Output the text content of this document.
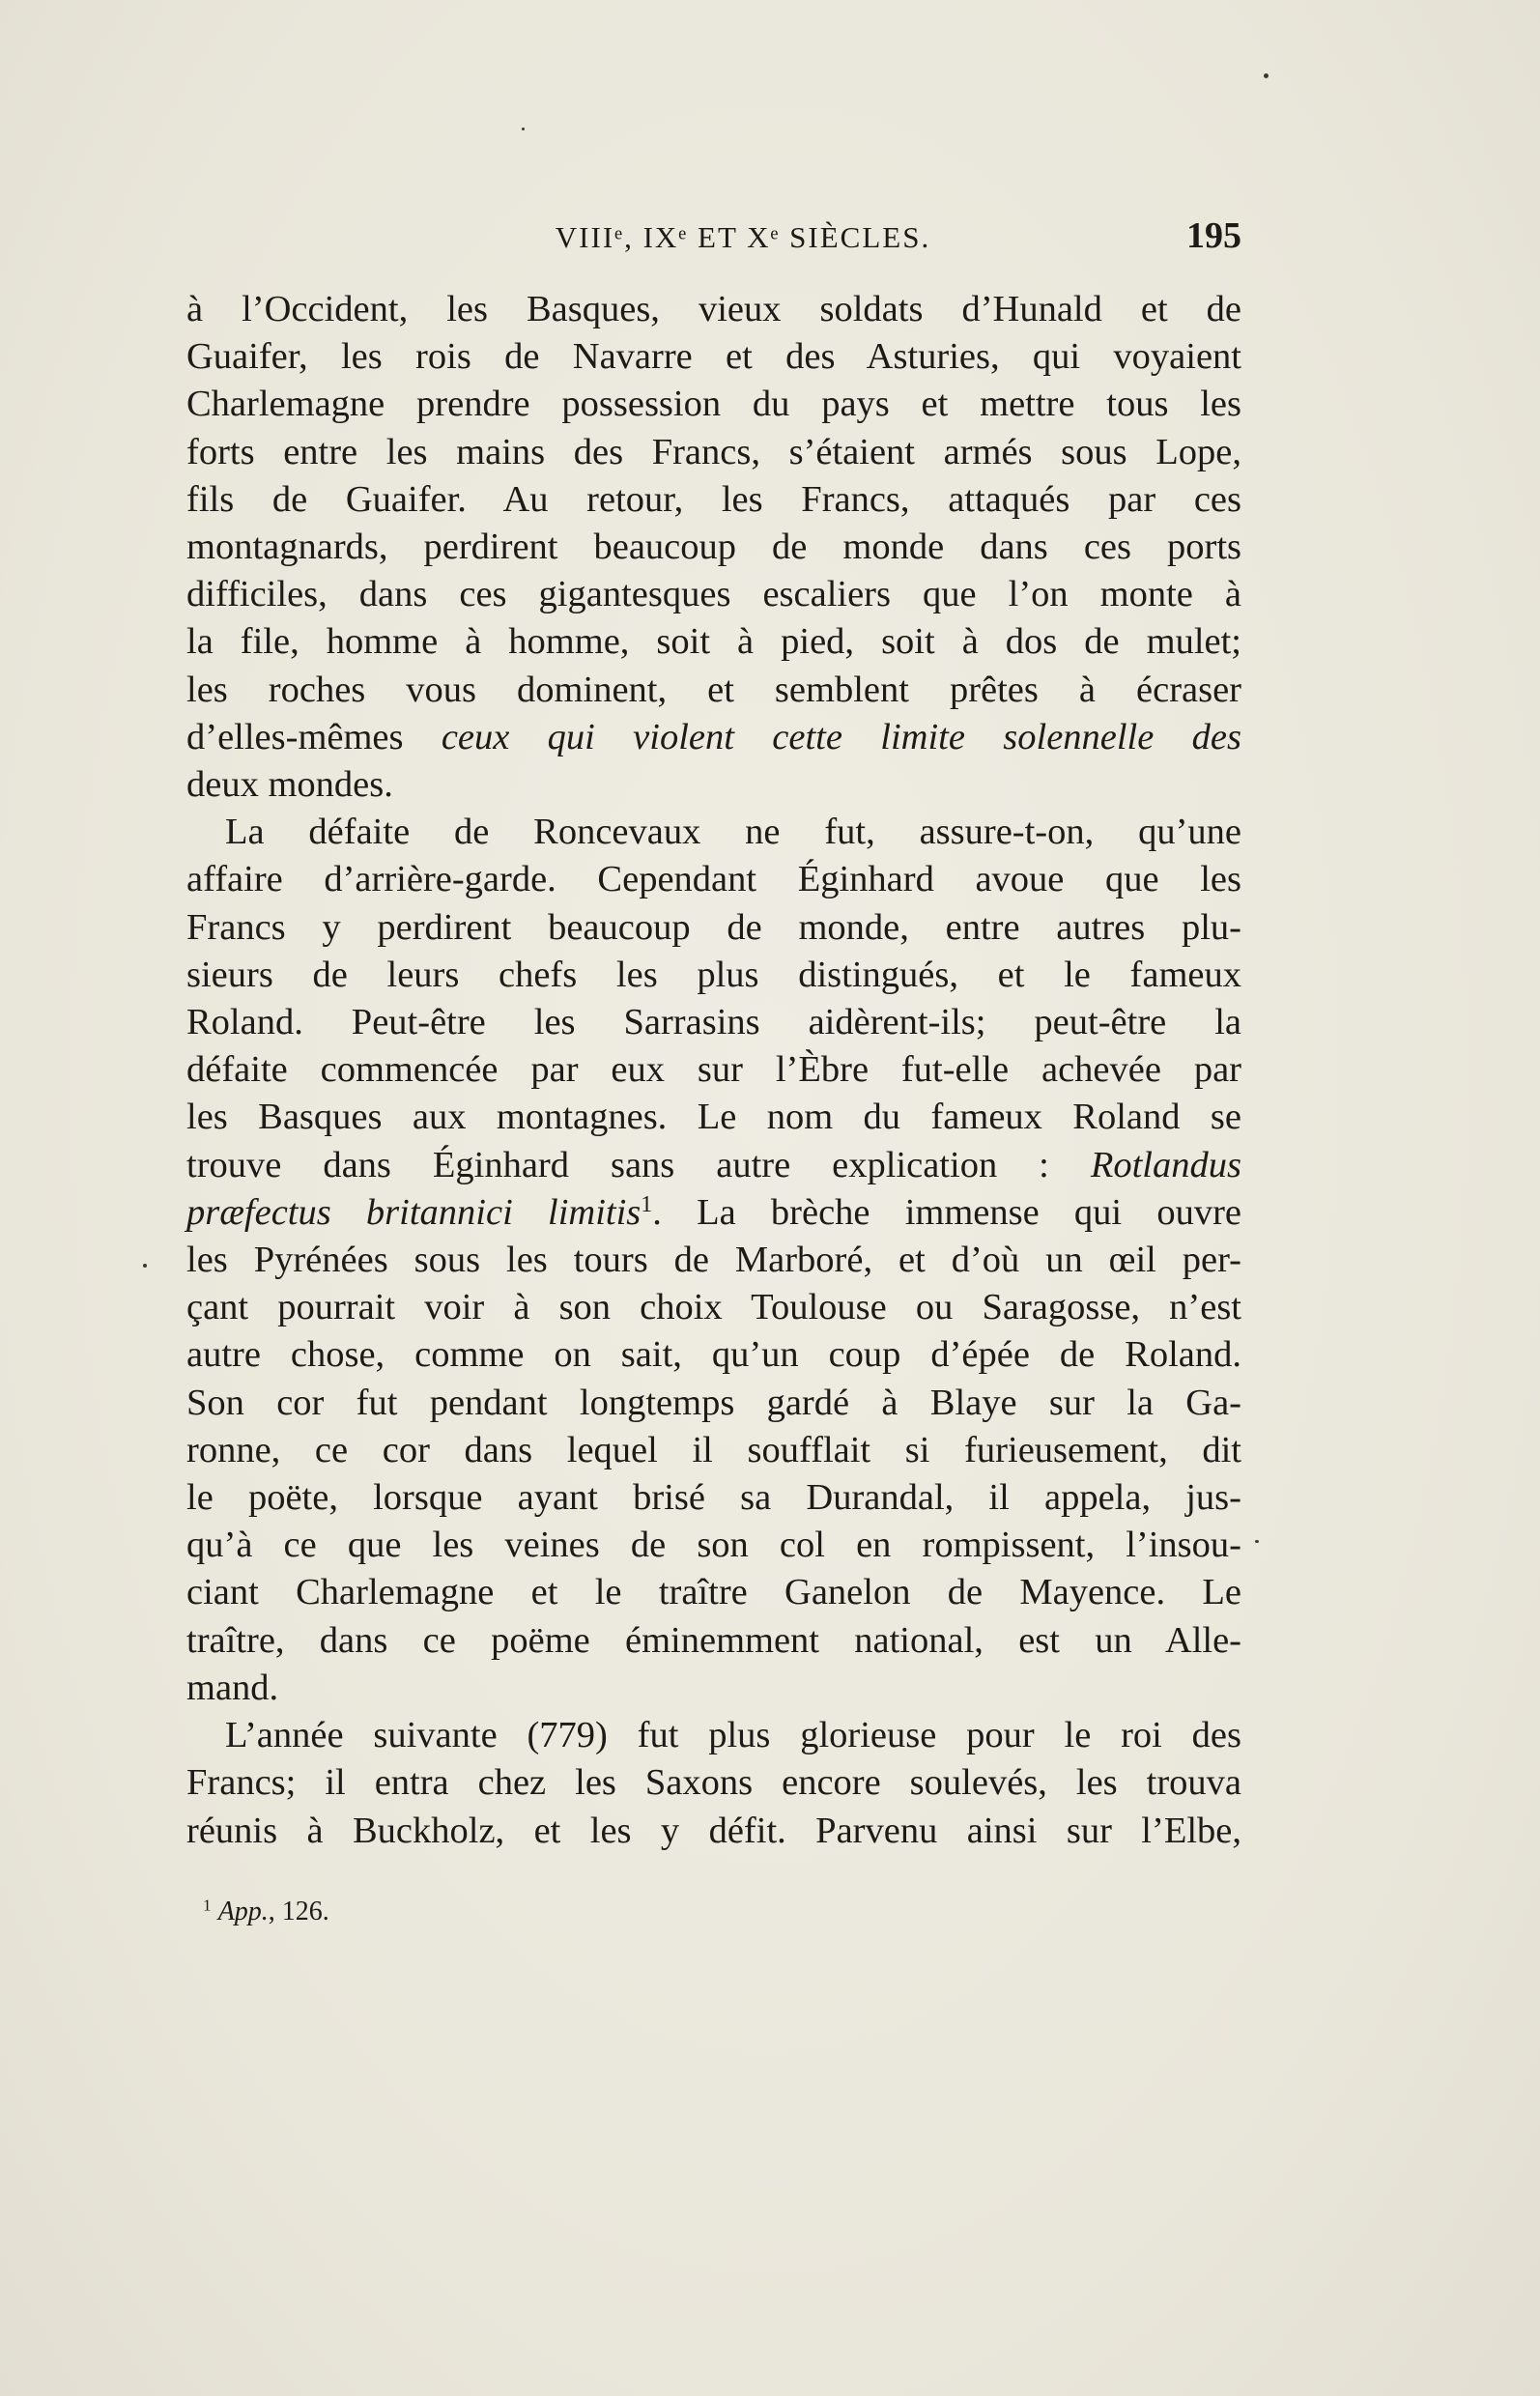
VIIIᵉ, IXᵉ ET Xᵉ SIÈCLES.	195
à l’Occident, les Basques, vieux soldats d’Hunald et de
Guaifer, les rois de Navarre et des Asturies, qui voyaient
Charlemagne prendre possession du pays et mettre tous les
forts entre les mains des Francs, s’étaient armés sous Lope,
fils de Guaifer. Au retour, les Francs, attaqués par ces
montagnards, perdirent beaucoup de monde dans ces ports
difficiles, dans ces gigantesques escaliers que l’on monte à
la file, homme à homme, soit à pied, soit à dos de mulet;
les roches vous dominent, et semblent prêtes à écraser
d’elles-mêmes ceux qui violent cette limite solennelle des
deux mondes.
La défaite de Roncevaux ne fut, assure-t-on, qu’une
affaire d’arrière-garde. Cependant Éginhard avoue que les
Francs y perdirent beaucoup de monde, entre autres plu-
sieurs de leurs chefs les plus distingués, et le fameux
Roland. Peut-être les Sarrasins aidèrent-ils; peut-être la
défaite commencée par eux sur l’Èbre fut-elle achevée par
les Basques aux montagnes. Le nom du fameux Roland se
trouve dans Éginhard sans autre explication : Rotlandus
præfectus britannici limitis$^1$. La brèche immense qui ouvre
les Pyrénées sous les tours de Marboré, et d’où un œil per-
çant pourrait voir à son choix Toulouse ou Saragosse, n’est
autre chose, comme on sait, qu’un coup d’épée de Roland.
Son cor fut pendant longtemps gardé à Blaye sur la Ga-
ronne, ce cor dans lequel il soufflait si furieusement, dit
le poëte, lorsque ayant brisé sa Durandal, il appela, jus-
qu’à ce que les veines de son col en rompissent, l’insou-
ciant Charlemagne et le traître Ganelon de Mayence. Le
traître, dans ce poëme éminemment national, est un Alle-
mand.
L’année suivante (779) fut plus glorieuse pour le roi des
Francs; il entra chez les Saxons encore soulevés, les trouva
réunis à Buckholz, et les y défit. Parvenu ainsi sur l’Elbe,
$^1$ App., 126.
